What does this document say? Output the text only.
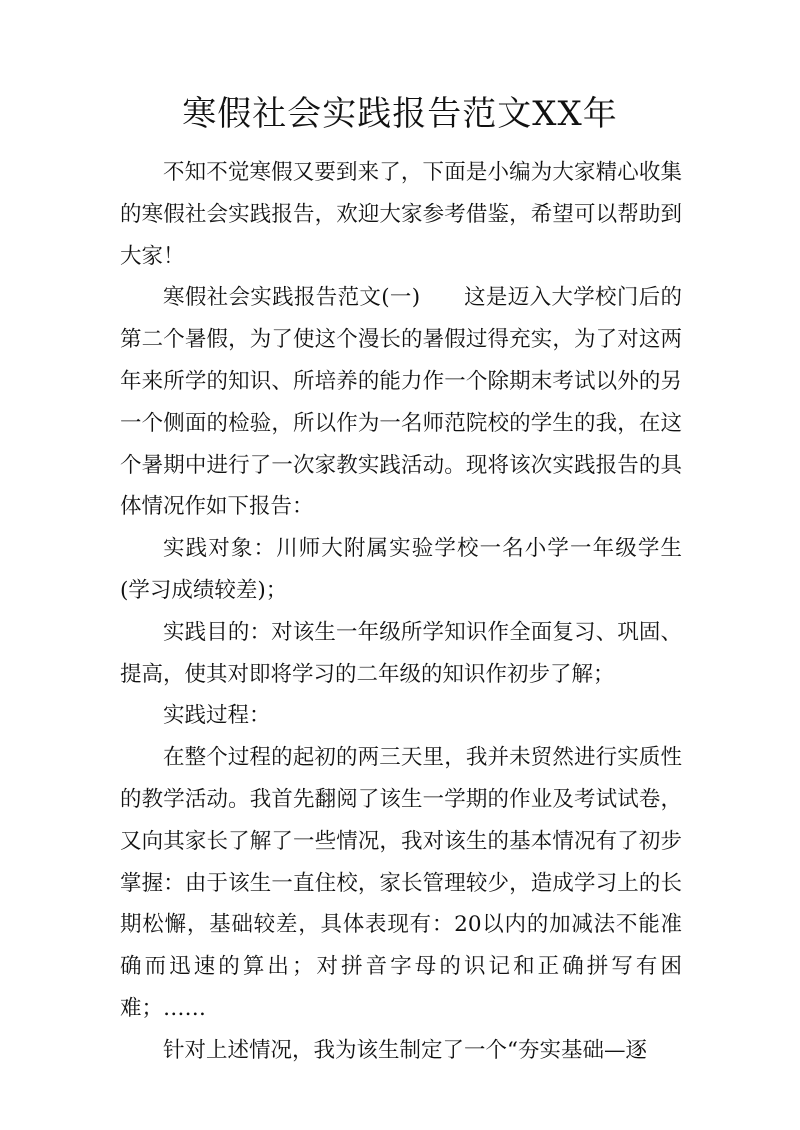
寒假社会实践报告范文XX年

不知不觉寒假又要到来了，下面是小编为大家精心收集的寒假社会实践报告，欢迎大家参考借鉴，希望可以帮助到大家！

寒假社会实践报告范文(一)　　这是迈入大学校门后的第二个暑假，为了使这个漫长的暑假过得充实，为了对这两年来所学的知识、所培养的能力作一个除期末考试以外的另一个侧面的检验，所以作为一名师范院校的学生的我，在这个暑期中进行了一次家教实践活动。现将该次实践报告的具体情况作如下报告：

实践对象：川师大附属实验学校一名小学一年级学生(学习成绩较差)；

实践目的：对该生一年级所学知识作全面复习、巩固、提高，使其对即将学习的二年级的知识作初步了解；

实践过程：

在整个过程的起初的两三天里，我并未贸然进行实质性的教学活动。我首先翻阅了该生一学期的作业及考试试卷，又向其家长了解了一些情况，我对该生的基本情况有了初步掌握：由于该生一直住校，家长管理较少，造成学习上的长期松懈，基础较差，具体表现有：20以内的加减法不能准确而迅速的算出；对拼音字母的识记和正确拼写有困难；……

针对上述情况，我为该生制定了一个“夯实基础—逐
